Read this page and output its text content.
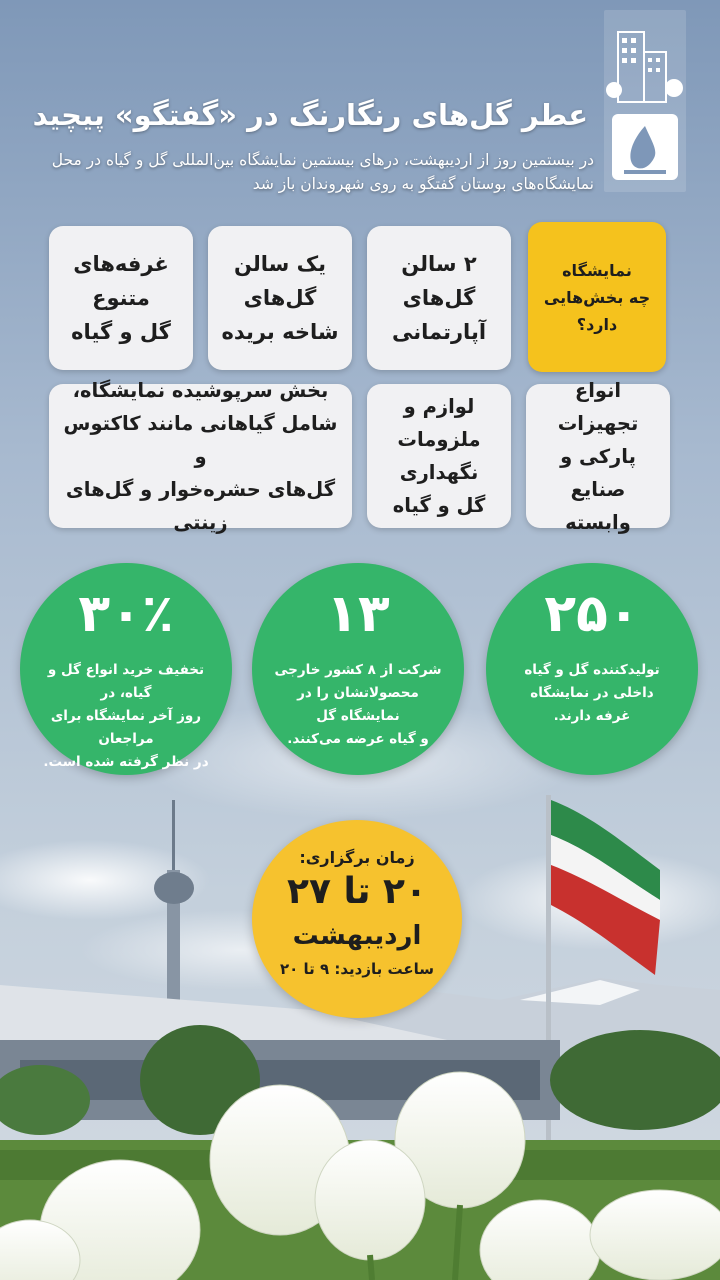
عطر گل‌های رنگارنگ در «گفتگو» پیچید
در بیستمین روز از اردیبهشت، درهای بیستمین نمایشگاه بین‌المللی گل و گیاه در محل نمایشگاه‌های بوستان گفتگو به روی شهروندان باز شد
نمایشگاه
چه بخش‌هایی
دارد؟
۲ سالن
گل‌های
آپارتمانی
یک سالن
گل‌های
شاخه بریده
غرفه‌های
متنوع
گل و گیاه
انواع تجهیزات
پارکی و صنایع
وابسته
لوازم و ملزومات
نگهداری
گل و گیاه
بخش سرپوشیده نمایشگاه،
شامل گیاهانی مانند کاکتوس و
گل‌های حشره‌خوار و گل‌های زینتی
۲۵۰
تولیدکننده گل و گیاه
داخلی در نمایشگاه
غرفه دارند.
۱۳
شرکت از ۸ کشور خارجی
محصولاتشان را در نمایشگاه گل
و گیاه عرضه می‌کنند.
۳۰٪
تخفیف خرید انواع گل و گیاه، در
روز آخر نمایشگاه برای مراجعان
در نظر گرفته شده است.
زمان برگزاری:
۲۰ تا ۲۷
اردیبهشت
ساعت بازدید: ۹ تا ۲۰
